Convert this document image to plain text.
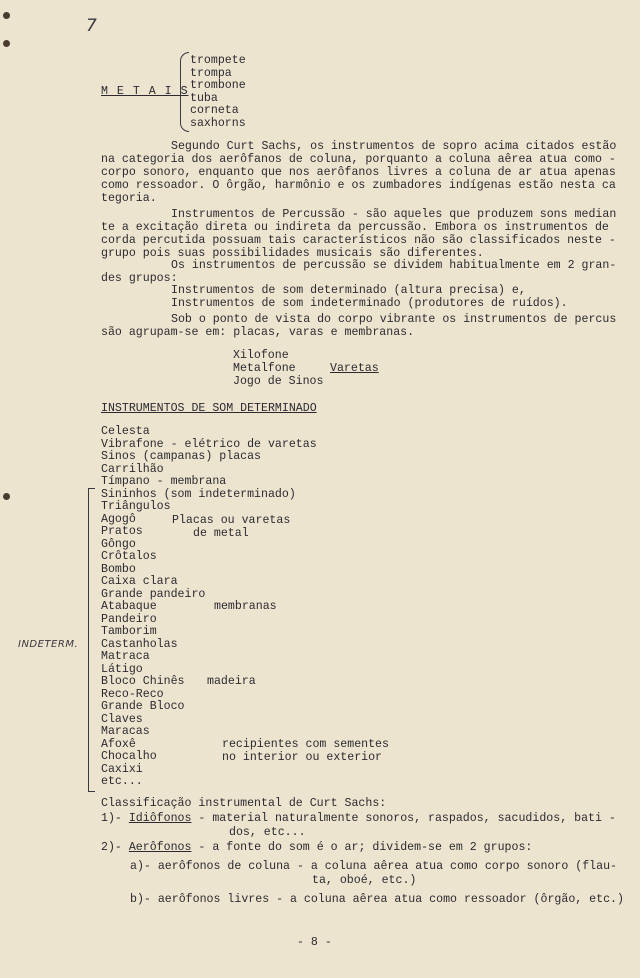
7
M E T A I S
trompete
trompa
trombone
tuba
corneta
saxhorns
Segundo Curt Sachs, os instrumentos de sopro acima citados estão
na categoria dos aerôfanos de coluna, porquanto a coluna aêrea atua como -
corpo sonoro, enquanto que nos aerôfanos livres a coluna de ar atua apenas
como ressoador. O ôrgão, harmônio e os zumbadores indígenas estão nesta ca
tegoria.
Instrumentos de Percussão - são aqueles que produzem sons median
te a excitação direta ou indireta da percussão. Embora os instrumentos de
corda percutida possuam tais característicos não são classificados neste -
grupo pois suas possibilidades musicais são diferentes.
Os instrumentos de percussão se dividem habitualmente em 2 gran-
des grupos:
Instrumentos de som determinado (altura precisa) e,
Instrumentos de som indeterminado (produtores de ruídos).
Sob o ponto de vista do corpo vibrante os instrumentos de percus
são agrupam-se em: placas, varas e membranas.
Xilofone
Metalfone
Jogo de Sinos
Varetas
INSTRUMENTOS DE SOM DETERMINADO
Celesta
Vibrafone - elétrico de varetas
Sinos (campanas) placas
Carrilhão
Tímpano - membrana
Sininhos (som indeterminado)
Triângulos
Agogô
Pratos
Gôngo
Crôtalos
Bombo
Caixa clara
Grande pandeiro
Atabaque
Pandeiro
Tamborim
Castanholas
Matraca
Látigo
Bloco Chinês
Reco-Reco
Grande Bloco
Claves
Maracas
Afoxê
Chocalho
Caxixi
etc...
INDETERM.
Placas ou varetas
de metal
membranas
madeira
recipientes com sementes
no interior ou exterior
Classificação instrumental de Curt Sachs:
1)- Idiôfonos - material naturalmente sonoros, raspados, sacudidos, bati -
dos, etc...
2)- Aerôfonos - a fonte do som é o ar; dividem-se em 2 grupos:
a)- aerôfonos de coluna - a coluna aêrea atua como corpo sonoro (flau-
ta, oboé, etc.)
b)- aerôfonos livres - a coluna aêrea atua como ressoador (ôrgão, etc.)
- 8 -
